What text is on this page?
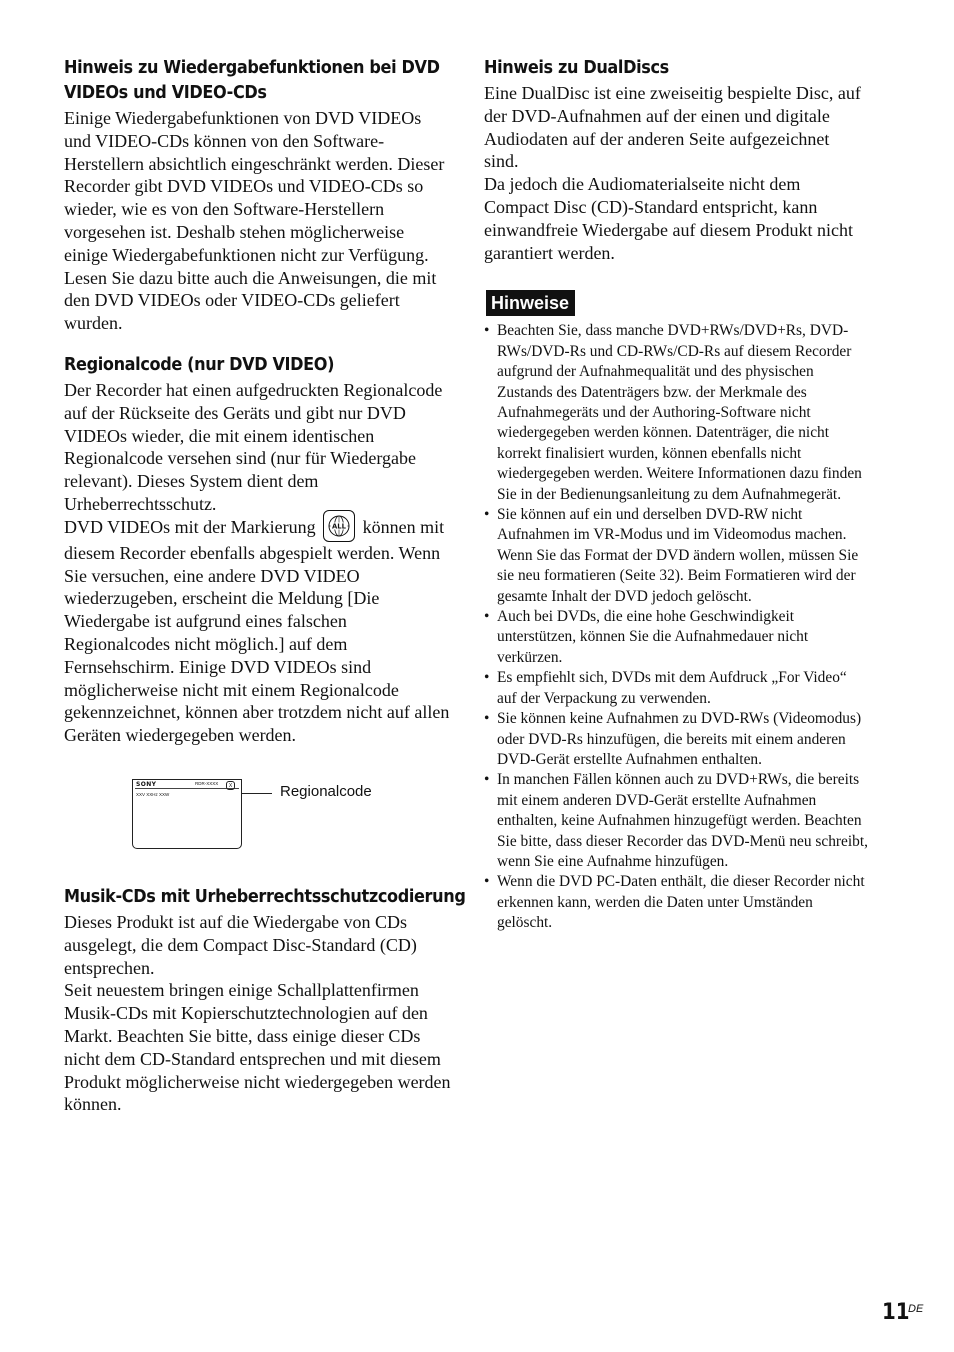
Hinweis zu Wiedergabefunktionen bei DVD
VIDEOs und VIDEO-CDs

Einige Wiedergabefunktionen von DVD VIDEOs und VIDEO-CDs können von den Software-Herstellern absichtlich eingeschränkt werden. Dieser Recorder gibt DVD VIDEOs und VIDEO-CDs so wieder, wie es von den Software-Herstellern vorgesehen ist. Deshalb stehen möglicherweise einige Wiedergabefunktionen nicht zur Verfügung. Lesen Sie dazu bitte auch die Anweisungen, die mit den DVD VIDEOs oder VIDEO-CDs geliefert wurden.

Regionalcode (nur DVD VIDEO)

Der Recorder hat einen aufgedruckten Regionalcode auf der Rückseite des Geräts und gibt nur DVD VIDEOs wieder, die mit einem identischen Regionalcode versehen sind (nur für Wiedergabe relevant). Dieses System dient dem Urheberrechtsschutz.

DVD VIDEOs mit der Markierung ALL können mit diesem Recorder ebenfalls abgespielt werden. Wenn Sie versuchen, eine andere DVD VIDEO wiederzugeben, erscheint die Meldung [Die Wiedergabe ist aufgrund eines falschen Regionalcodes nicht möglich.] auf dem Fernsehschirm. Einige DVD VIDEOs sind möglicherweise nicht mit einem Regionalcode gekennzeichnet, können aber trotzdem nicht auf allen Geräten wiedergegeben werden.

SONY	RDR-XXXX
XXV XXHz XXW
X	Regionalcode
Musik-CDs mit Urheberrechtsschutzcodierung

Dieses Produkt ist auf die Wiedergabe von CDs ausgelegt, die dem Compact Disc-Standard (CD) entsprechen.

Seit neuestem bringen einige Schallplattenfirmen Musik-CDs mit Kopierschutztechnologien auf den Markt. Beachten Sie bitte, dass einige dieser CDs nicht dem CD-Standard entsprechen und mit diesem Produkt möglicherweise nicht wiedergegeben werden können.

Hinweis zu DualDiscs

Eine DualDisc ist eine zweiseitig bespielte Disc, auf der DVD-Aufnahmen auf der einen und digitale Audiodaten auf der anderen Seite aufgezeichnet sind.

Da jedoch die Audiomaterialseite nicht dem Compact Disc (CD)-Standard entspricht, kann einwandfreie Wiedergabe auf diesem Produkt nicht garantiert werden.

Hinweise
• Beachten Sie, dass manche DVD+RWs/DVD+Rs, DVD-RWs/DVD-Rs und CD-RWs/CD-Rs auf diesem Recorder aufgrund der Aufnahmequalität und des physischen Zustands des Datenträgers bzw. der Merkmale des Aufnahmegeräts und der Authoring-Software nicht wiedergegeben werden können. Datenträger, die nicht korrekt finalisiert wurden, können ebenfalls nicht wiedergegeben werden. Weitere Informationen dazu finden Sie in der Bedienungsanleitung zu dem Aufnahmegerät.
• Sie können auf ein und derselben DVD-RW nicht Aufnahmen im VR-Modus und im Videomodus machen. Wenn Sie das Format der DVD ändern wollen, müssen Sie sie neu formatieren (Seite 32). Beim Formatieren wird der gesamte Inhalt der DVD jedoch gelöscht.
• Auch bei DVDs, die eine hohe Geschwindigkeit unterstützen, können Sie die Aufnahmedauer nicht verkürzen.
• Es empfiehlt sich, DVDs mit dem Aufdruck „For Video“ auf der Verpackung zu verwenden.
• Sie können keine Aufnahmen zu DVD-RWs (Videomodus) oder DVD-Rs hinzufügen, die bereits mit einem anderen DVD-Gerät erstellte Aufnahmen enthalten.
• In manchen Fällen können auch zu DVD+RWs, die bereits mit einem anderen DVD-Gerät erstellte Aufnahmen enthalten, keine Aufnahmen hinzugefügt werden. Beachten Sie bitte, dass dieser Recorder das DVD-Menü neu schreibt, wenn Sie eine Aufnahme hinzufügen.
• Wenn die DVD PC-Daten enthält, die dieser Recorder nicht erkennen kann, werden die Daten unter Umständen gelöscht.
11
DE
